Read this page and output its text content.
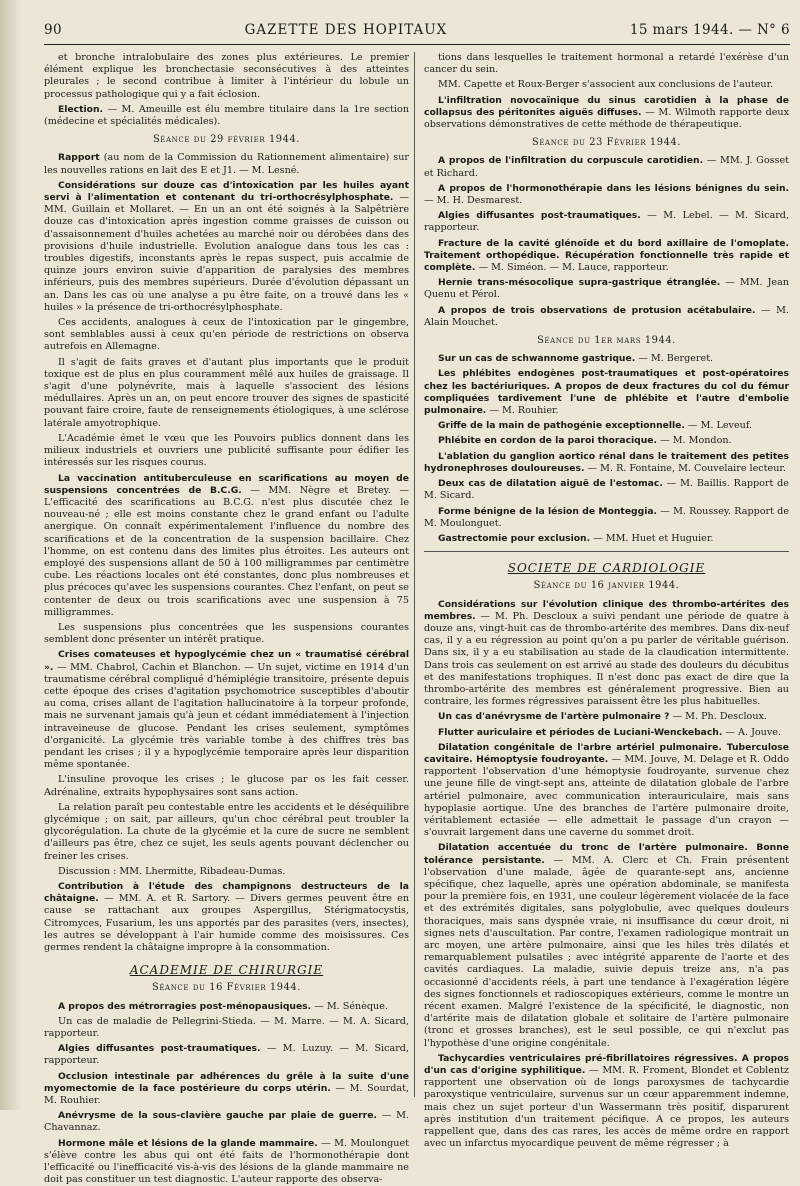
90	GAZETTE DES HOPITAUX	15 mars 1944. — N° 6

et bronche intralobulaire des zones plus extérieures. Le premier élément explique les bronchectasie seconsécutives à des atteintes pleurales ; le second contribue à limiter à l'intérieur du lobule un processus pathologique qui y a fait éclosion.

Election. — M. Ameuille est élu membre titulaire dans la 1re section (médecine et spécialités médicales).

Séance du 29 février 1944.

Rapport (au nom de la Commission du Rationnement alimentaire) sur les nouvelles rations en lait des E et J1. — M. Lesné.

Considérations sur douze cas d'intoxication par les huiles ayant servi à l'alimentation et contenant du tri-orthocrésylphosphate. — MM. Guillain et Mollaret. — En un an ont été soignés à la Salpêtrière douze cas d'intoxication après ingestion comme graisses de cuisson ou d'assaisonnement d'huiles achetées au marché noir ou dérobées dans des provisions d'huile industrielle. Evolution analogue dans tous les cas : troubles digestifs, inconstants après le repas suspect, puis accalmie de quinze jours environ suivie d'apparition de paralysies des membres inférieurs, puis des membres supérieurs. Durée d'évolution dépassant un an. Dans les cas où une analyse a pu être faite, on a trouvé dans les « huiles » la présence de tri-orthocrésylphosphate.

Ces accidents, analogues à ceux de l'intoxication par le gingembre, sont semblables aussi à ceux qu'en période de restrictions on observa autrefois en Allemagne.

Il s'agit de faits graves et d'autant plus importants que le produit toxique est de plus en plus couramment mêlé aux huiles de graissage. Il s'agit d'une polynévrite, mais à laquelle s'associent des lésions médullaires. Après un an, on peut encore trouver des signes de spasticité pouvant faire croire, faute de renseignements étiologiques, à une sclérose latérale amyotrophique.

L'Académie émet le vœu que les Pouvoirs publics donnent dans les milieux industriels et ouvriers une publicité suffisante pour édifier les intéressés sur les risques courus.

La vaccination antituberculeuse en scarifications au moyen de suspensions concentrées de B.C.G. — MM. Nègre et Bretey. — L'efficacité des scarifications au B.C.G. n'est plus discutée chez le nouveau-né ; elle est moins constante chez le grand enfant ou l'adulte anergique. On connaît expérimentalement l'influence du nombre des scarifications et de la concentration de la suspension bacillaire. Chez l'homme, on est contenu dans des limites plus étroites. Les auteurs ont employé des suspensions allant de 50 à 100 milligrammes par centimètre cube. Les réactions locales ont été constantes, donc plus nombreuses et plus précoces qu'avec les suspensions courantes. Chez l'enfant, on peut se contenter de deux ou trois scarifications avec une suspension à 75 milligrammes.

Les suspensions plus concentrées que les suspensions courantes semblent donc présenter un intérêt pratique.

Crises comateuses et hypoglycémie chez un « traumatisé cérébral ». — MM. Chabrol, Cachin et Blanchon. — Un sujet, victime en 1914 d'un traumatisme cérébral compliqué d'hémiplégie transitoire, présente depuis cette époque des crises d'agitation psychomotrice susceptibles d'aboutir au coma, crises allant de l'agitation hallucinatoire à la torpeur profonde, mais ne survenant jamais qu'à jeun et cédant immédiatement à l'injection intraveineuse de glucose. Pendant les crises seulement, symptômes d'organicité. La glycémie très variable tombe à des chiffres très bas pendant les crises ; il y a hypoglycémie temporaire après leur disparition même spontanée.

L'insuline provoque les crises ; le glucose par os les fait cesser. Adrénaline, extraits hypophysaires sont sans action.

La relation paraît peu contestable entre les accidents et le déséquilibre glycémique ; on sait, par ailleurs, qu'un choc cérébral peut troubler la glycorégulation. La chute de la glycémie et la cure de sucre ne semblent d'ailleurs pas être, chez ce sujet, les seuls agents pouvant déclencher ou freiner les crises.

Discussion : MM. Lhermitte, Ribadeau-Dumas.

Contribution à l'étude des champignons destructeurs de la châtaigne. — MM. A. et R. Sartory. — Divers germes peuvent être en cause se rattachant aux groupes Aspergillus, Stérigmatocystis, Citromyces, Fusarium, les uns apportés par des parasites (vers, insectes), les autres se développant à l'air humide comme des moisissures. Ces germes rendent la châtaigne impropre à la consommation.

ACADEMIE DE CHIRURGIE
Séance du 16 Février 1944.

A propos des métrorragies post-ménopausiques. — M. Sénèque.

Un cas de maladie de Pellegrini-Stieda. — M. Marre. — M. A. Sicard, rapporteur.

Algies diffusantes post-traumatiques. — M. Luzuy. — M. Sicard, rapporteur.

Occlusion intestinale par adhérences du grêle à la suite d'une myomectomie de la face postérieure du corps utérin. — M. Sourdat, M. Rouhier.

Anévrysme de la sous-clavière gauche par plaie de guerre. — M. Chavannaz.

Hormone mâle et lésions de la glande mammaire. — M. Moulonguet s'élève contre les abus qui ont été faits de l'hormonothérapie dont l'efficacité ou l'inefficacité vis-à-vis des lésions de la glande mammaire ne doit pas constituer un test diagnostic. L'auteur rapporte des observa-

tions dans lesquelles le traitement hormonal a retardé l'exérèse d'un cancer du sein.

MM. Capette et Roux-Berger s'associent aux conclusions de l'auteur.

L'infiltration novocaïnique du sinus carotidien à la phase de collapsus des péritonites aiguës diffuses. — M. Wilmoth rapporte deux observations démonstratives de cette méthode de thérapeutique.

Séance du 23 Février 1944.

A propos de l'infiltration du corpuscule carotidien. — MM. J. Gosset et Richard.

A propos de l'hormonothérapie dans les lésions bénignes du sein. — M. H. Desmarest.

Algies diffusantes post-traumatiques. — M. Lebel. — M. Sicard, rapporteur.

Fracture de la cavité glénoïde et du bord axillaire de l'omoplate. Traitement orthopédique. Récupération fonctionnelle très rapide et complète. — M. Siméon. — M. Lauce, rapporteur.

Hernie trans-mésocolique supra-gastrique étranglée. — MM. Jean Quenu et Pérol.

A propos de trois observations de protusion acétabulaire. — M. Alain Mouchet.

Séance du 1er mars 1944.

Sur un cas de schwannome gastrique. — M. Bergeret.

Les phlébites endogènes post-traumatiques et post-opératoires chez les bactériuriques. A propos de deux fractures du col du fémur compliquées tardivement l'une de phlébite et l'autre d'embolie pulmonaire. — M. Rouhier.

Griffe de la main de pathogénie exceptionnelle. — M. Leveuf.

Phlébite en cordon de la paroi thoracique. — M. Mondon.

L'ablation du ganglion aortico rénal dans le traitement des petites hydronephroses douloureuses. — M. R. Fontaine, M. Couvelaire lecteur.

Deux cas de dilatation aiguë de l'estomac. — M. Baillis. Rapport de M. Sicard.

Forme bénigne de la lésion de Monteggia. — M. Roussey. Rapport de M. Moulonguet.

Gastrectomie pour exclusion. — MM. Huet et Huguier.

SOCIETE DE CARDIOLOGIE
Séance du 16 janvier 1944.

Considérations sur l'évolution clinique des thrombo-artérites des membres. — M. Ph. Descloux a suivi pendant une période de quatre à douze ans, vingt-huit cas de thrombo-artérite des membres. Dans dix-neuf cas, il y a eu régression au point qu'on a pu parler de véritable guérison. Dans six, il y a eu stabilisation au stade de la claudication intermittente. Dans trois cas seulement on est arrivé au stade des douleurs du décubitus et des manifestations trophiques. Il n'est donc pas exact de dire que la thrombo-artérite des membres est généralement progressive. Bien au contraire, les formes régressives paraissent être les plus habituelles.

Un cas d'anévrysme de l'artère pulmonaire ? — M. Ph. Descloux.

Flutter auriculaire et périodes de Luciani-Wenckebach. — A. Jouve.

Dilatation congénitale de l'arbre artériel pulmonaire. Tuberculose cavitaire. Hémoptysie foudroyante. — MM. Jouve, M. Delage et R. Oddo rapportent l'observation d'une hémoptysie foudroyante, survenue chez une jeune fille de vingt-sept ans, atteinte de dilatation globale de l'arbre artériel pulmonaire, avec communication interauriculaire, mais sans hypoplasie aortique. Une des branches de l'artère pulmonaire droite, véritablement ectasiée — elle admettait le passage d'un crayon — s'ouvrait largement dans une caverne du sommet droit.

Dilatation accentuée du tronc de l'artère pulmonaire. Bonne tolérance persistante. — MM. A. Clerc et Ch. Frain présentent l'observation d'une malade, âgée de quarante-sept ans, ancienne spécifique, chez laquelle, après une opération abdominale, se manifesta pour la première fois, en 1931, une couleur légèrement violacée de la face et des extrémités digitales, sans polyglobulie, avec quelques douleurs thoraciques, mais sans dyspnée vraie, ni insuffisance du cœur droit, ni signes nets d'auscultation. Par contre, l'examen radiologique montrait un arc moyen, une artère pulmonaire, ainsi que les hiles très dilatés et remarquablement pulsatiles ; avec intégrité apparente de l'aorte et des cavités cardiaques. La maladie, suivie depuis treize ans, n'a pas occasionné d'accidents réels, à part une tendance à l'exagération légère des signes fonctionnels et radioscopiques extérieurs, comme le montre un récent examen. Malgré l'existence de la spécificité, le diagnostic, non d'artérite mais de dilatation globale et solitaire de l'artère pulmonaire (tronc et grosses branches), est le seul possible, ce qui n'exclut pas l'hypothèse d'une origine congénitale.

Tachycardies ventriculaires pré-fibrillatoires régressives. A propos d'un cas d'origine syphilitique. — MM. R. Froment, Blondet et Coblentz rapportent une observation où de longs paroxysmes de tachycardie paroxystique ventriculaire, survenus sur un cœur apparemment indemne, mais chez un sujet porteur d'un Wassermann très positif, disparurent après institution d'un traitement pécifique. A ce propos, les auteurs rappellent que, dans des cas rares, les accès de même ordre en rapport avec un infarctus myocardique peuvent de même régresser ; à
